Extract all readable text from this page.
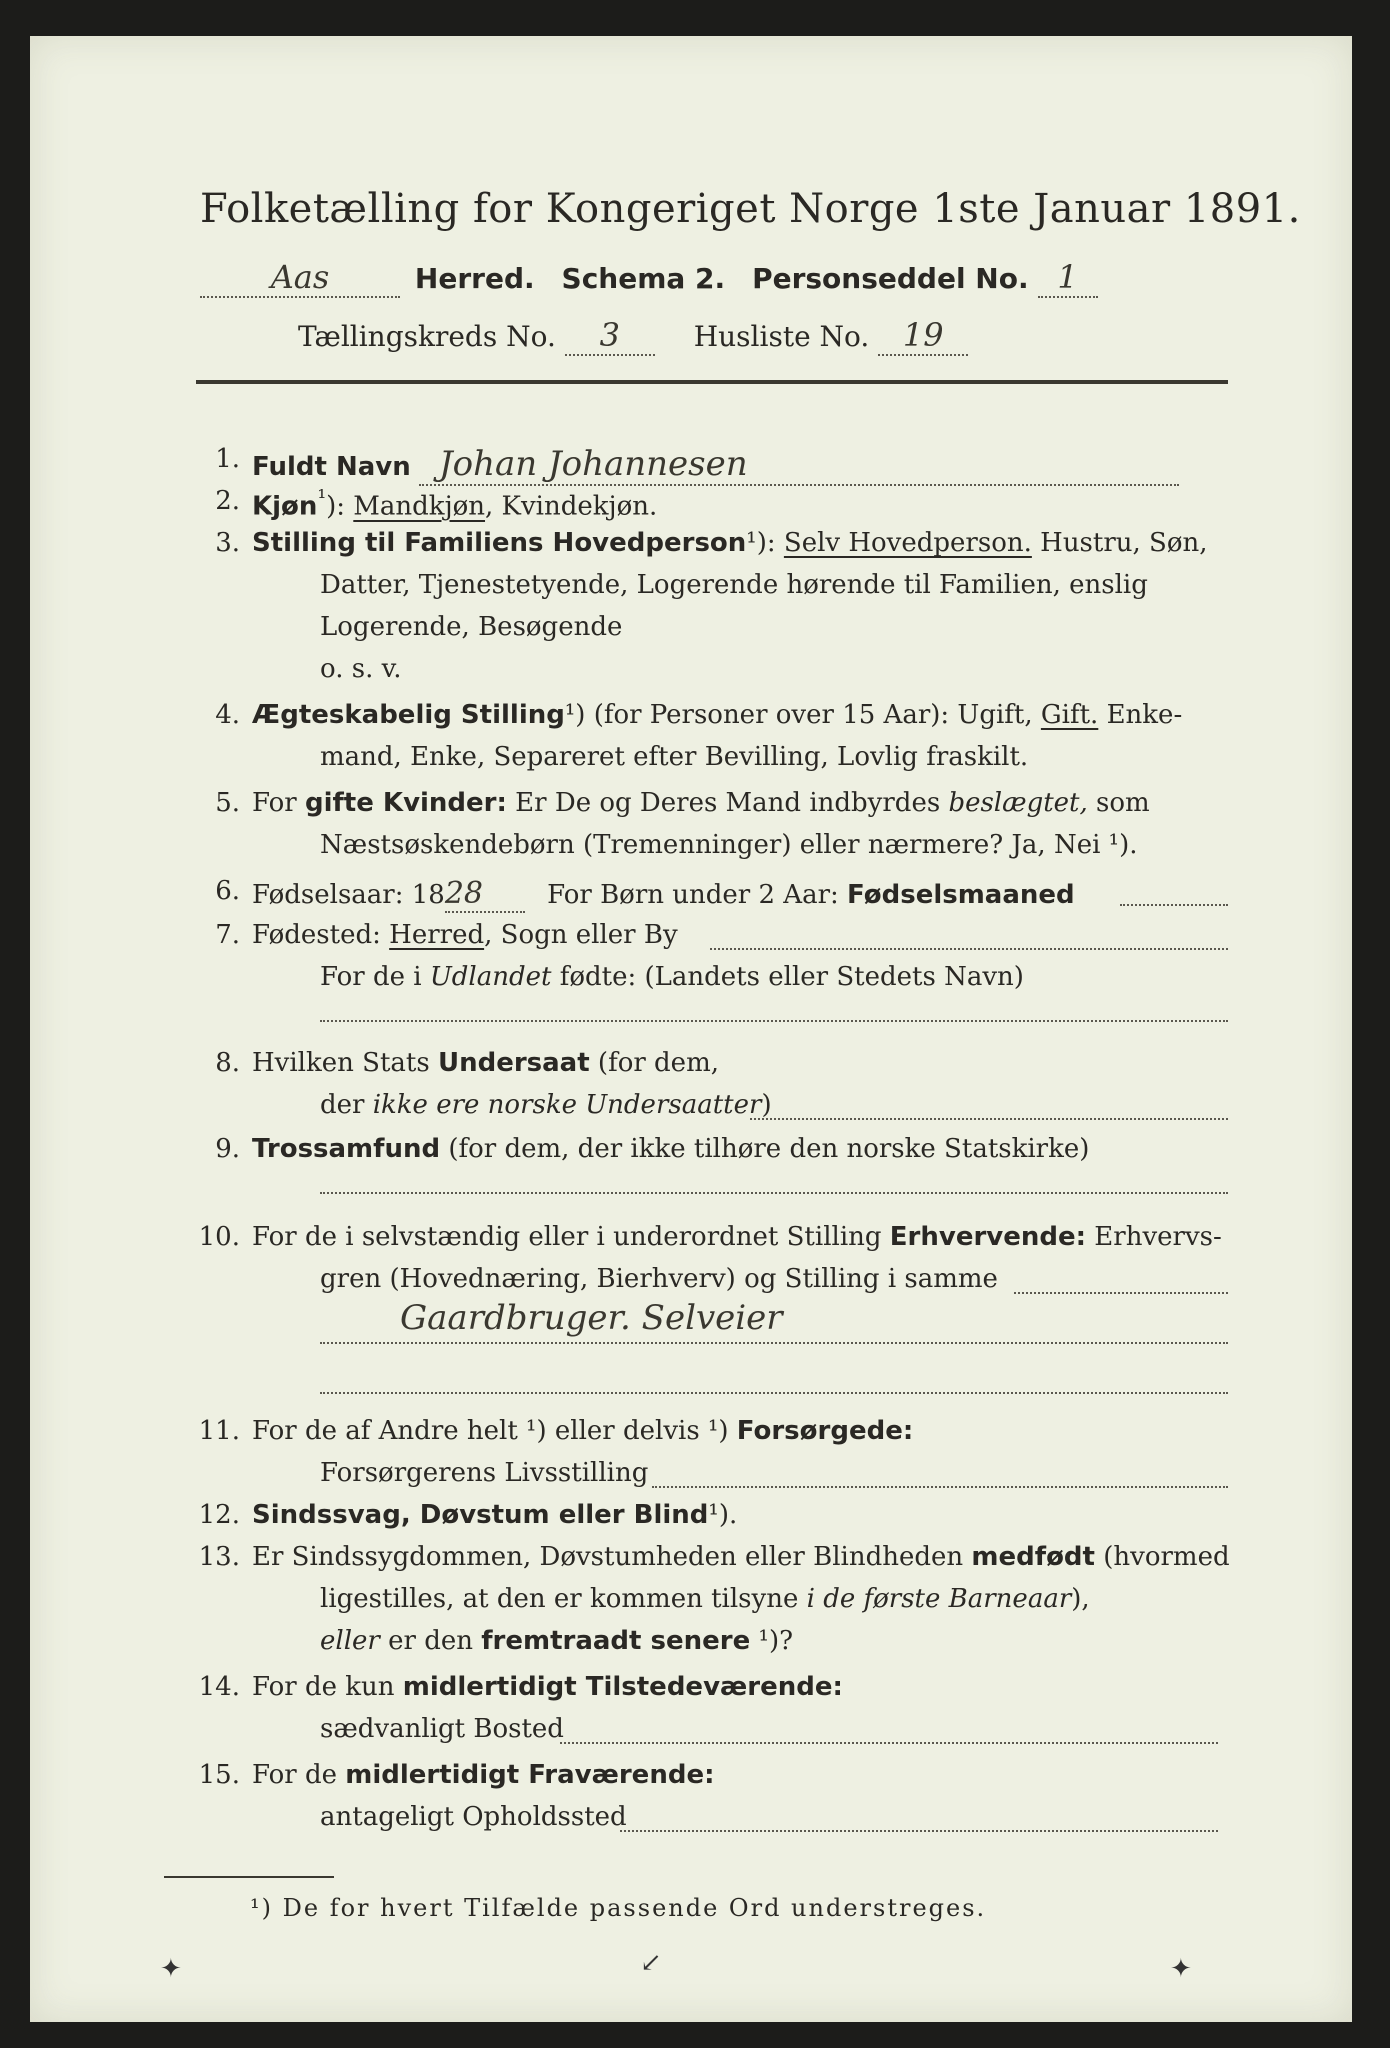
Folketælling for Kongeriget Norge 1ste Januar 1891.
Aas	Herred. Schema 2. Personseddel No. 1
Tællingskreds No. 3	Husliste No. 19
1. Fuldt Navn Johan Johannesen
2. Kjøn$^{^1}$): Mandkjøn, Kvindekjøn.
3. Stilling til Familiens Hovedperson¹): Selv Hovedperson. Hustru, Søn,
Datter, Tjenestetyende, Logerende hørende til Familien, enslig
Logerende, Besøgende
o. s. v.
4. Ægteskabelig Stilling¹) (for Personer over 15 Aar): Ugift, Gift. Enke-
mand, Enke, Separeret efter Bevilling, Lovlig fraskilt.
5. For gifte Kvinder: Er De og Deres Mand indbyrdes beslægtet, som
Næstsøskendebørn (Tremenninger) eller nærmere? Ja, Nei ¹).
6. Fødselsaar: 1828 For Børn under 2 Aar: Fødselsmaaned
7. Fødested: Herred, Sogn eller By
For de i Udlandet fødte: (Landets eller Stedets Navn)
8. Hvilken Stats Undersaat (for dem,
der ikke ere norske Undersaatter)
9. Trossamfund (for dem, der ikke tilhøre den norske Statskirke)
10. For de i selvstændig eller i underordnet Stilling Erhvervende: Erhvervs-
gren (Hovednæring, Bierhverv) og Stilling i samme
Gaardbruger. Selveier
11. For de af Andre helt ¹) eller delvis ¹) Forsørgede:
Forsørgerens Livsstilling
12. Sindssvag, Døvstum eller Blind¹).
13. Er Sindssygdommen, Døvstumheden eller Blindheden medfødt (hvormed
ligestilles, at den er kommen tilsyne i de første Barneaar),
eller er den fremtraadt senere ¹)?
14. For de kun midlertidigt Tilstedeværende:
sædvanligt Bosted
15. For de midlertidigt Fraværende:
antageligt Opholdssted
¹) De for hvert Tilfælde passende Ord understreges.
✦	↙	✦
